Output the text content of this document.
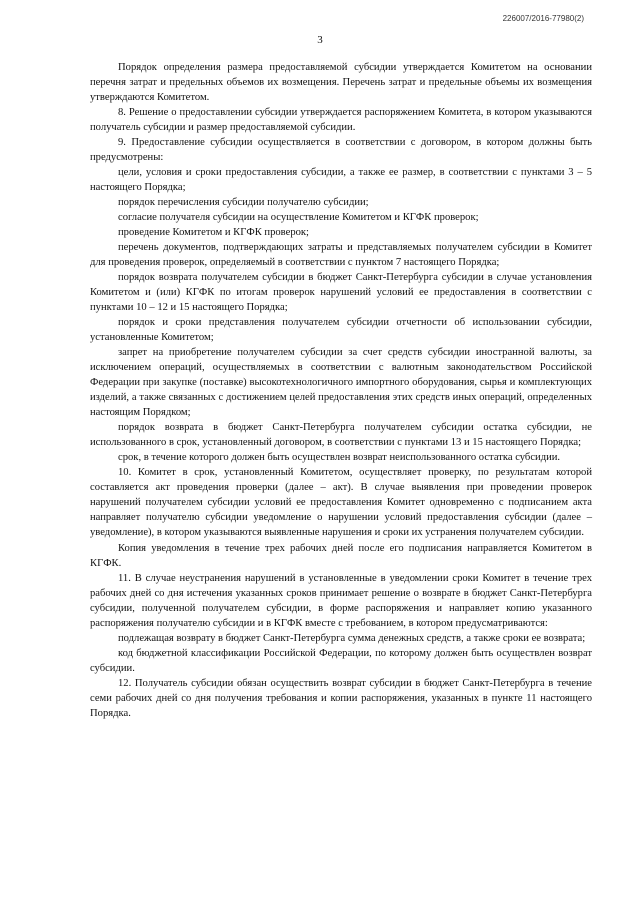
226007/2016-77980(2)
3

Порядок определения размера предоставляемой субсидии утверждается Комитетом на основании перечня затрат и предельных объемов их возмещения. Перечень затрат и предельные объемы их возмещения утверждаются Комитетом.

8. Решение о предоставлении субсидии утверждается распоряжением Комитета, в котором указываются получатель субсидии и размер предоставляемой субсидии.

9. Предоставление субсидии осуществляется в соответствии с договором, в котором должны быть предусмотрены:

цели, условия и сроки предоставления субсидии, а также ее размер, в соответствии с пунктами 3 – 5 настоящего Порядка;

порядок перечисления субсидии получателю субсидии;

согласие получателя субсидии на осуществление Комитетом и КГФК проверок;

проведение Комитетом и КГФК проверок;

перечень документов, подтверждающих затраты и представляемых получателем субсидии в Комитет для проведения проверок, определяемый в соответствии с пунктом 7 настоящего Порядка;

порядок возврата получателем субсидии в бюджет Санкт-Петербурга субсидии в случае установления Комитетом и (или) КГФК по итогам проверок нарушений условий ее предоставления в соответствии с пунктами 10 – 12 и 15 настоящего Порядка;

порядок и сроки представления получателем субсидии отчетности об использовании субсидии, установленные Комитетом;

запрет на приобретение получателем субсидии за счет средств субсидии иностранной валюты, за исключением операций, осуществляемых в соответствии с валютным законодательством Российской Федерации при закупке (поставке) высокотехнологичного импортного оборудования, сырья и комплектующих изделий, а также связанных с достижением целей предоставления этих средств иных операций, определенных настоящим Порядком;

порядок возврата в бюджет Санкт-Петербурга получателем субсидии остатка субсидии, не использованного в срок, установленный договором, в соответствии с пунктами 13 и 15 настоящего Порядка;

срок, в течение которого должен быть осуществлен возврат неиспользованного остатка субсидии.

10. Комитет в срок, установленный Комитетом, осуществляет проверку, по результатам которой составляется акт проведения проверки (далее – акт). В случае выявления при проведении проверок нарушений получателем субсидии условий ее предоставления Комитет одновременно с подписанием акта направляет получателю субсидии уведомление о нарушении условий предоставления субсидии (далее – уведомление), в котором указываются выявленные нарушения и сроки их устранения получателем субсидии.

Копия уведомления в течение трех рабочих дней после его подписания направляется Комитетом в КГФК.

11. В случае неустранения нарушений в установленные в уведомлении сроки Комитет в течение трех рабочих дней со дня истечения указанных сроков принимает решение о возврате в бюджет Санкт-Петербурга субсидии, полученной получателем субсидии, в форме распоряжения и направляет копию указанного распоряжения получателю субсидии и в КГФК вместе с требованием, в котором предусматриваются:

подлежащая возврату в бюджет Санкт-Петербурга сумма денежных средств, а также сроки ее возврата;

код бюджетной классификации Российской Федерации, по которому должен быть осуществлен возврат субсидии.

12. Получатель субсидии обязан осуществить возврат субсидии в бюджет Санкт-Петербурга в течение семи рабочих дней со дня получения требования и копии распоряжения, указанных в пункте 11 настоящего Порядка.
